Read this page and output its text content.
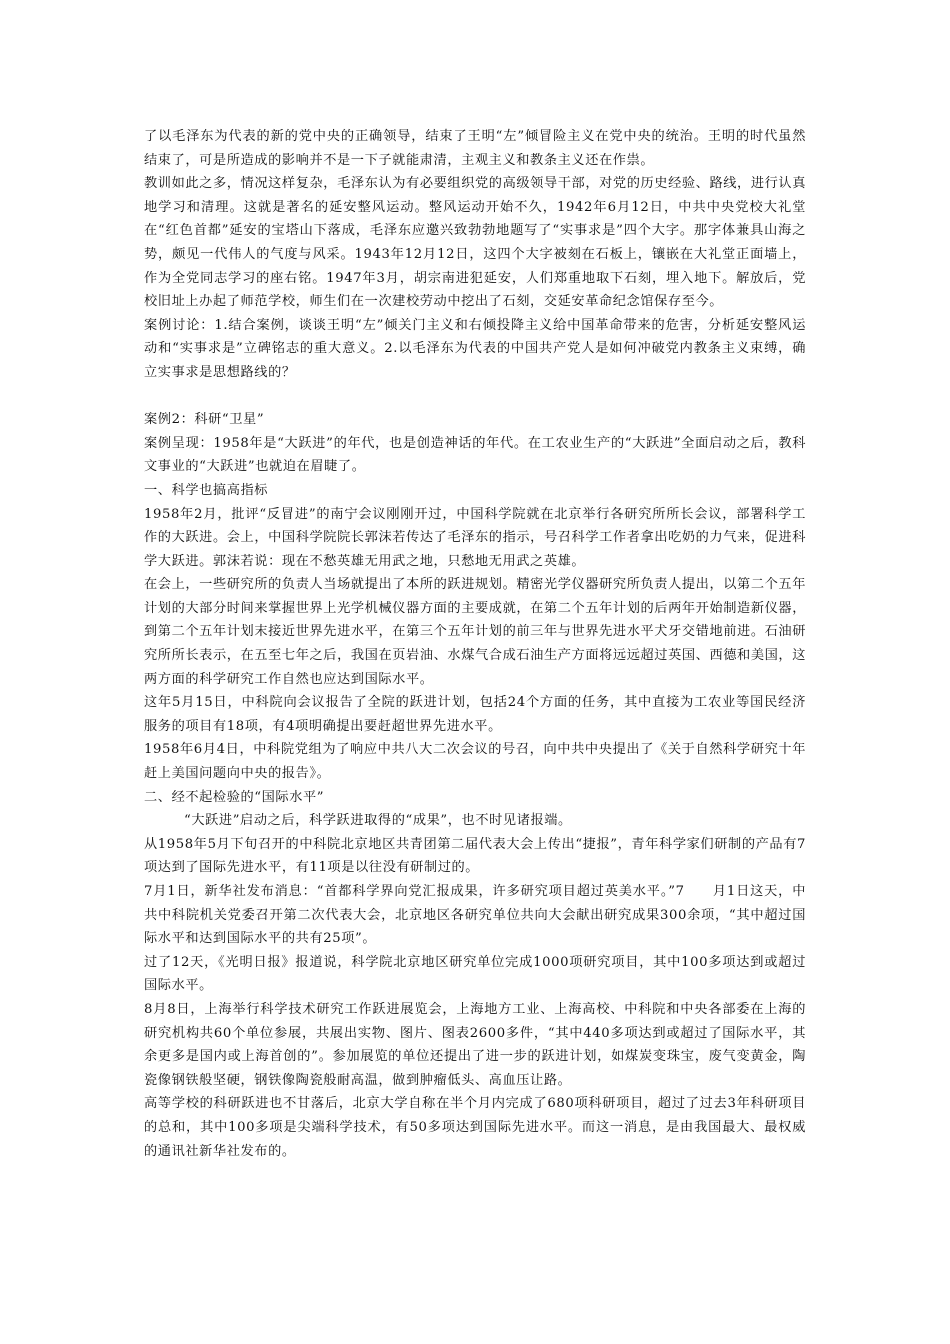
了以毛泽东为代表的新的党中央的正确领导，结束了王明“左”倾冒险主义在党中央的统治。王明的时代虽然结束了，可是所造成的影响并不是一下子就能肃清，主观主义和教条主义还在作祟。

教训如此之多，情况这样复杂，毛泽东认为有必要组织党的高级领导干部，对党的历史经验、路线，进行认真地学习和清理。这就是著名的延安整风运动。整风运动开始不久，1942年6月12日，中共中央党校大礼堂在“红色首都”延安的宝塔山下落成，毛泽东应邀兴致勃勃地题写了“实事求是”四个大字。那字体兼具山海之势，颇见一代伟人的气度与风采。1943年12月12日，这四个大字被刻在石板上，镶嵌在大礼堂正面墙上，作为全党同志学习的座右铭。1947年3月，胡宗南进犯延安，人们郑重地取下石刻，埋入地下。解放后，党校旧址上办起了师范学校，师生们在一次建校劳动中挖出了石刻，交延安革命纪念馆保存至今。

案例讨论：1.结合案例，谈谈王明“左”倾关门主义和右倾投降主义给中国革命带来的危害，分析延安整风运动和“实事求是”立碑铭志的重大意义。2.以毛泽东为代表的中国共产党人是如何冲破党内教条主义束缚，确立实事求是思想路线的？

案例2：科研“卫星”

案例呈现：1958年是“大跃进”的年代，也是创造神话的年代。在工农业生产的“大跃进”全面启动之后，教科文事业的“大跃进”也就迫在眉睫了。

一、科学也搞高指标

1958年2月，批评“反冒进”的南宁会议刚刚开过，中国科学院就在北京举行各研究所所长会议，部署科学工作的大跃进。会上，中国科学院院长郭沫若传达了毛泽东的指示，号召科学工作者拿出吃奶的力气来，促进科学大跃进。郭沫若说：现在不愁英雄无用武之地，只愁地无用武之英雄。

在会上，一些研究所的负责人当场就提出了本所的跃进规划。精密光学仪器研究所负责人提出，以第二个五年计划的大部分时间来掌握世界上光学机械仪器方面的主要成就，在第二个五年计划的后两年开始制造新仪器，到第二个五年计划末接近世界先进水平，在第三个五年计划的前三年与世界先进水平犬牙交错地前进。石油研究所所长表示，在五至七年之后，我国在页岩油、水煤气合成石油生产方面将远远超过英国、西德和美国，这两方面的科学研究工作自然也应达到国际水平。

这年5月15日，中科院向会议报告了全院的跃进计划，包括24个方面的任务，其中直接为工农业等国民经济服务的项目有18项，有4项明确提出要赶超世界先进水平。

1958年6月4日，中科院党组为了响应中共八大二次会议的号召，向中共中央提出了《关于自然科学研究十年赶上美国问题向中央的报告》。

二、经不起检验的“国际水平”

“大跃进”启动之后，科学跃进取得的“成果”，也不时见诸报端。

从1958年5月下旬召开的中科院北京地区共青团第二届代表大会上传出“捷报”，青年科学家们研制的产品有7项达到了国际先进水平，有11项是以往没有研制过的。

7月1日，新华社发布消息：“首都科学界向党汇报成果，许多研究项目超过英美水平。”7　　月1日这天，中共中科院机关党委召开第二次代表大会，北京地区各研究单位共向大会献出研究成果300余项，“其中超过国际水平和达到国际水平的共有25项”。

过了12天，《光明日报》报道说，科学院北京地区研究单位完成1000项研究项目，其中100多项达到或超过国际水平。

8月8日，上海举行科学技术研究工作跃进展览会，上海地方工业、上海高校、中科院和中央各部委在上海的研究机构共60个单位参展，共展出实物、图片、图表2600多件，“其中440多项达到或超过了国际水平，其余更多是国内或上海首创的”。参加展览的单位还提出了进一步的跃进计划，如煤炭变珠宝，废气变黄金，陶瓷像钢铁般坚硬，钢铁像陶瓷般耐高温，做到肿瘤低头、高血压让路。

高等学校的科研跃进也不甘落后，北京大学自称在半个月内完成了680项科研项目，超过了过去3年科研项目的总和，其中100多项是尖端科学技术，有50多项达到国际先进水平。而这一消息，是由我国最大、最权威的通讯社新华社发布的。
